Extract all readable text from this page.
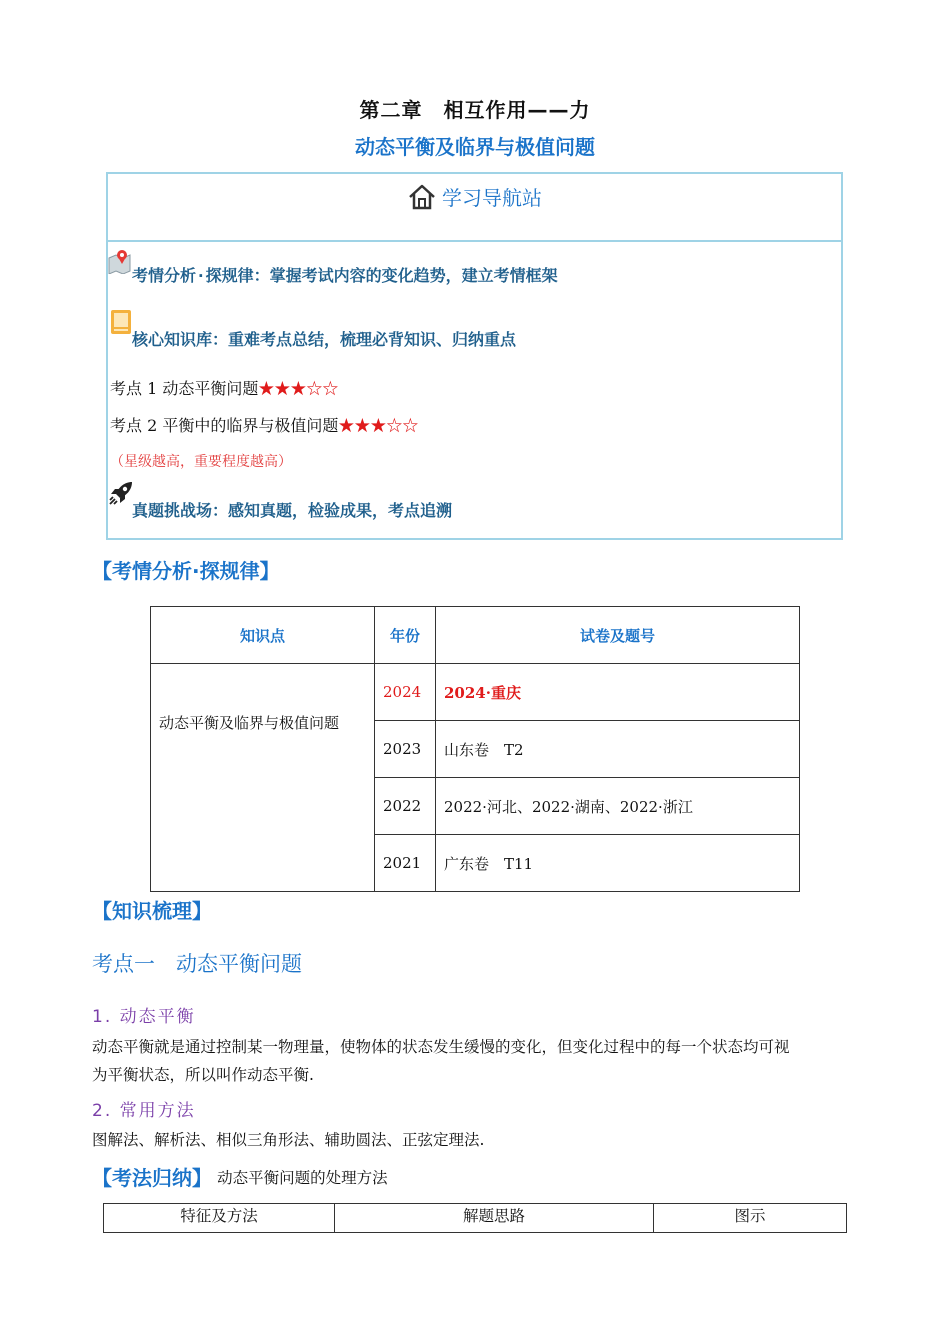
第二章　相互作用——力
动态平衡及临界与极值问题
学习导航站
考情分析·探规律：掌握考试内容的变化趋势，建立考情框架
核心知识库：重难考点总结，梳理必背知识、归纳重点
考点 1 动态平衡问题★★★☆☆
考点 2 平衡中的临界与极值问题★★★☆☆
（星级越高，重要程度越高）
真题挑战场：感知真题，检验成果，考点追溯
【考情分析·探规律】
知识点	年份	试卷及题号
动态平衡及临界与极值问题	2024	2024·重庆
	2023	山东卷　T2
	2022	2022·河北、2022·湖南、2022·浙江
	2021	广东卷　T11
【知识梳理】
考点一　动态平衡问题
1. 动态平衡
动态平衡就是通过控制某一物理量，使物体的状态发生缓慢的变化，但变化过程中的每一个状态均可视
为平衡状态，所以叫作动态平衡.
2. 常用方法
图解法、解析法、相似三角形法、辅助圆法、正弦定理法.
【考法归纳】 动态平衡问题的处理方法
特征及方法	解题思路	图示
